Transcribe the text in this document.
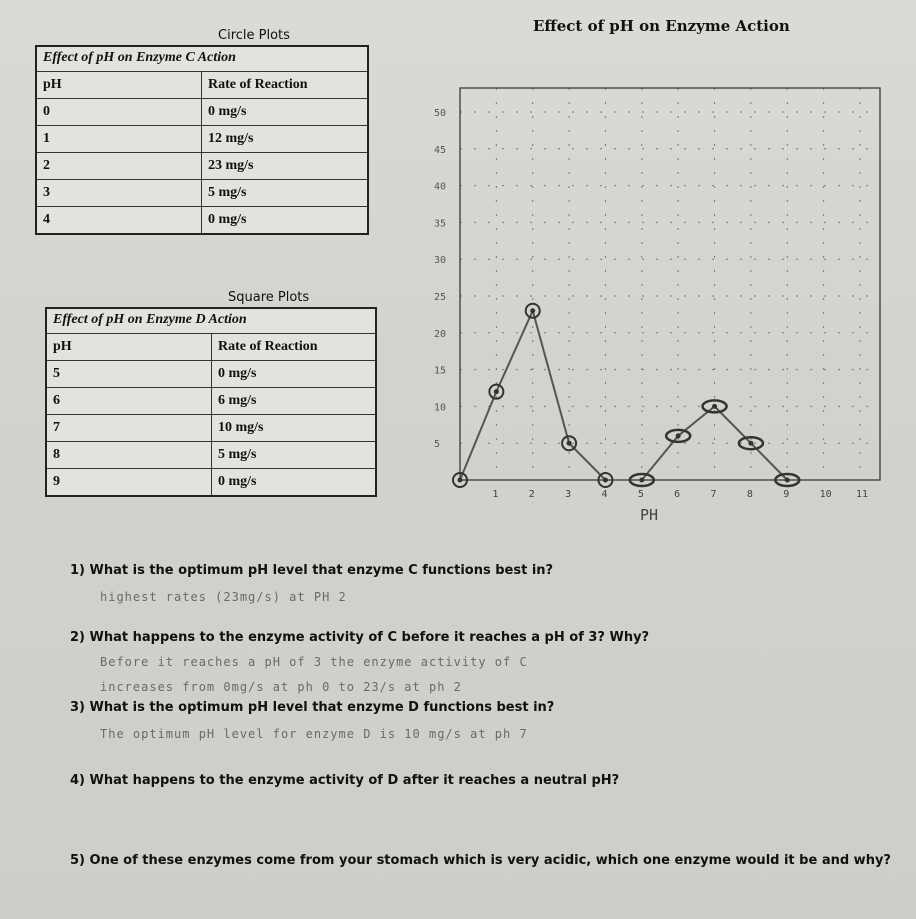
Circle Plots
Effect of pH on Enzyme C Action
pH	Rate of Reaction
0	0 mg/s
1	12 mg/s
2	23 mg/s
3	5 mg/s
4	0 mg/s
Square Plots
Effect of pH on Enzyme D Action
pH	Rate of Reaction
5	0 mg/s
6	6 mg/s
7	10 mg/s
8	5 mg/s
9	0 mg/s
Effect of pH on Enzyme Action
1	2	3	4	5	6	7	8	9	10 11
5
10
15
20
25
30
35
40
45
50
PH
1) What is the optimum pH level that enzyme C functions best in?
highest rates (23mg/s) at PH 2
2) What happens to the enzyme activity of C before it reaches a pH of 3? Why?
Before it reaches a pH of 3 the enzyme activity of C
increases from 0mg/s at ph 0 to 23/s at ph 2
3) What is the optimum pH level that enzyme D functions best in?
The optimum pH level for enzyme D is 10 mg/s at ph 7
4) What happens to the enzyme activity of D after it reaches a neutral pH?
5) One of these enzymes come from your stomach which is very acidic, which one enzyme would it be and why?
